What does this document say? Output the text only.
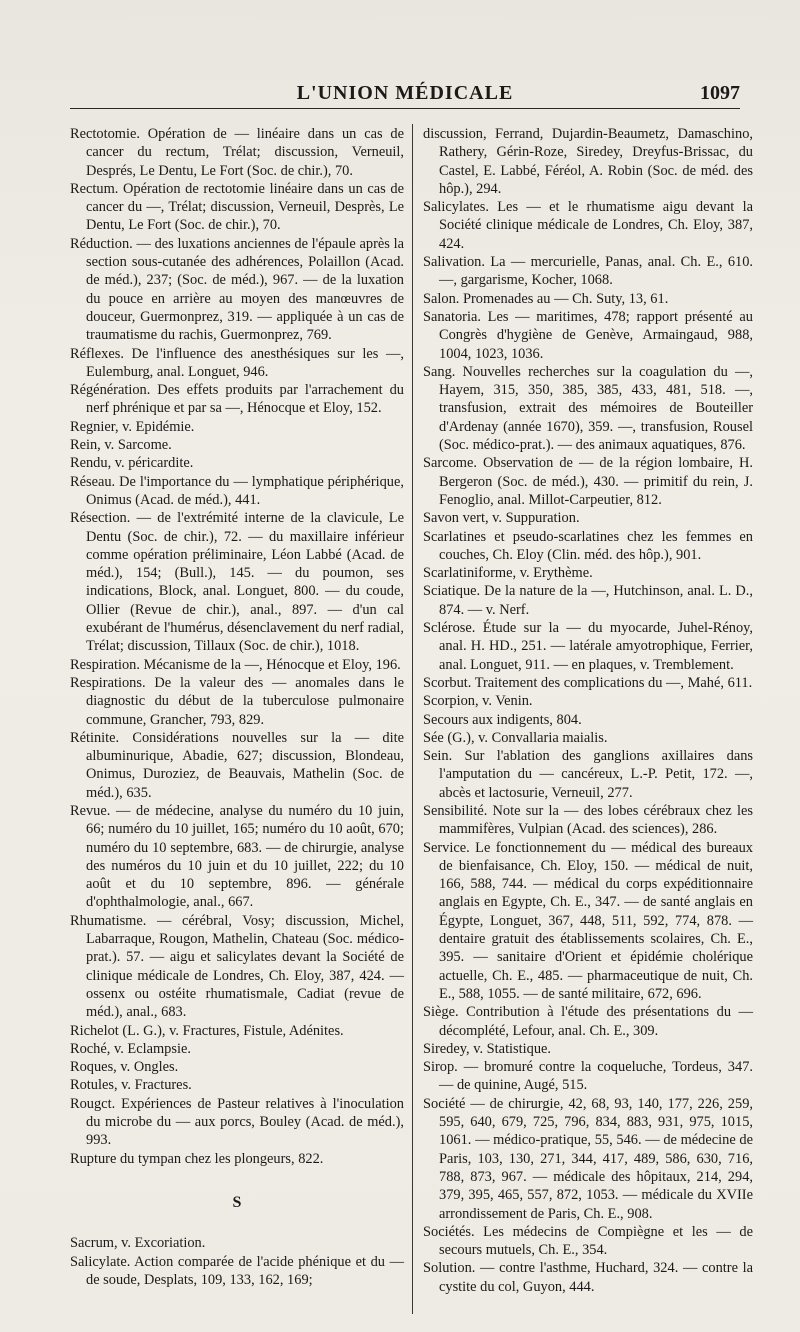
L'UNION MÉDICALE	1097

Rectotomie. Opération de — linéaire dans un cas de cancer du rectum, Trélat; discussion, Verneuil, Després, Le Dentu, Le Fort (Soc. de chir.), 70.

Rectum. Opération de rectotomie linéaire dans un cas de cancer du —, Trélat; discussion, Verneuil, Desprès, Le Dentu, Le Fort (Soc. de chir.), 70.

Réduction. — des luxations anciennes de l'épaule après la section sous-cutanée des adhérences, Polaillon (Acad. de méd.), 237; (Soc. de méd.), 967. — de la luxation du pouce en arrière au moyen des manœuvres de douceur, Guermonprez, 319. — appliquée à un cas de traumatisme du rachis, Guermonprez, 769.

Réflexes. De l'influence des anesthésiques sur les —, Eulemburg, anal. Longuet, 946.

Régénération. Des effets produits par l'arrachement du nerf phrénique et par sa —, Hénocque et Eloy, 152.

Regnier, v. Epidémie.

Rein, v. Sarcome.

Rendu, v. péricardite.

Réseau. De l'importance du — lymphatique périphérique, Onimus (Acad. de méd.), 441.

Résection. — de l'extrémité interne de la clavicule, Le Dentu (Soc. de chir.), 72. — du maxillaire inférieur comme opération préliminaire, Léon Labbé (Acad. de méd.), 154; (Bull.), 145. — du poumon, ses indications, Block, anal. Longuet, 800. — du coude, Ollier (Revue de chir.), anal., 897. — d'un cal exubérant de l'humérus, désenclavement du nerf radial, Trélat; discussion, Tillaux (Soc. de chir.), 1018.

Respiration. Mécanisme de la —, Hénocque et Eloy, 196.

Respirations. De la valeur des — anomales dans le diagnostic du début de la tuberculose pulmonaire commune, Grancher, 793, 829.

Rétinite. Considérations nouvelles sur la — dite albuminurique, Abadie, 627; discussion, Blondeau, Onimus, Duroziez, de Beauvais, Mathelin (Soc. de méd.), 635.

Revue. — de médecine, analyse du numéro du 10 juin, 66; numéro du 10 juillet, 165; numéro du 10 août, 670; numéro du 10 septembre, 683. — de chirurgie, analyse des numéros du 10 juin et du 10 juillet, 222; du 10 août et du 10 septembre, 896. — générale d'ophthalmologie, anal., 667.

Rhumatisme. — cérébral, Vosy; discussion, Michel, Labarraque, Rougon, Mathelin, Chateau (Soc. médico-prat.). 57. — aigu et salicylates devant la Société de clinique médicale de Londres, Ch. Eloy, 387, 424. — ossenx ou ostéite rhumatismale, Cadiat (revue de méd.), anal., 683.

Richelot (L. G.), v. Fractures, Fistule, Adénites.

Roché, v. Eclampsie.

Roques, v. Ongles.

Rotules, v. Fractures.

Rougct. Expériences de Pasteur relatives à l'inoculation du microbe du — aux porcs, Bouley (Acad. de méd.), 993.

Rupture du tympan chez les plongeurs, 822.

S

Sacrum, v. Excoriation.

Salicylate. Action comparée de l'acide phénique et du — de soude, Desplats, 109, 133, 162, 169;

discussion, Ferrand, Dujardin-Beaumetz, Damaschino, Rathery, Gérin-Roze, Siredey, Dreyfus-Brissac, du Castel, E. Labbé, Féréol, A. Robin (Soc. de méd. des hôp.), 294.

Salicylates. Les — et le rhumatisme aigu devant la Société clinique médicale de Londres, Ch. Eloy, 387, 424.

Salivation. La — mercurielle, Panas, anal. Ch. E., 610. —, gargarisme, Kocher, 1068.

Salon. Promenades au — Ch. Suty, 13, 61.

Sanatoria. Les — maritimes, 478; rapport présenté au Congrès d'hygiène de Genève, Armaingaud, 988, 1004, 1023, 1036.

Sang. Nouvelles recherches sur la coagulation du —, Hayem, 315, 350, 385, 385, 433, 481, 518. —, transfusion, extrait des mémoires de Bouteiller d'Ardenay (année 1670), 359. —, transfusion, Rousel (Soc. médico-prat.). — des animaux aquatiques, 876.

Sarcome. Observation de — de la région lombaire, H. Bergeron (Soc. de méd.), 430. — primitif du rein, J. Fenoglio, anal. Millot-Carpeutier, 812.

Savon vert, v. Suppuration.

Scarlatines et pseudo-scarlatines chez les femmes en couches, Ch. Eloy (Clin. méd. des hôp.), 901.

Scarlatiniforme, v. Erythème.

Sciatique. De la nature de la —, Hutchinson, anal. L. D., 874. — v. Nerf.

Sclérose. Étude sur la — du myocarde, Juhel-Rénoy, anal. H. HD., 251. — latérale amyotrophique, Ferrier, anal. Longuet, 911. — en plaques, v. Tremblement.

Scorbut. Traitement des complications du —, Mahé, 611.

Scorpion, v. Venin.

Secours aux indigents, 804.

Sée (G.), v. Convallaria maialis.

Sein. Sur l'ablation des ganglions axillaires dans l'amputation du — cancéreux, L.-P. Petit, 172. —, abcès et lactosurie, Verneuil, 277.

Sensibilité. Note sur la — des lobes cérébraux chez les mammifères, Vulpian (Acad. des sciences), 286.

Service. Le fonctionnement du — médical des bureaux de bienfaisance, Ch. Eloy, 150. — médical de nuit, 166, 588, 744. — médical du corps expéditionnaire anglais en Egypte, Ch. E., 347. — de santé anglais en Égypte, Longuet, 367, 448, 511, 592, 774, 878. — dentaire gratuit des établissements scolaires, Ch. E., 395. — sanitaire d'Orient et épidémie cholérique actuelle, Ch. E., 485. — pharmaceutique de nuit, Ch. E., 588, 1055. — de santé militaire, 672, 696.

Siège. Contribution à l'étude des présentations du — décomplété, Lefour, anal. Ch. E., 309.

Siredey, v. Statistique.

Sirop. — bromuré contre la coqueluche, Tordeus, 347. — de quinine, Augé, 515.

Société — de chirurgie, 42, 68, 93, 140, 177, 226, 259, 595, 640, 679, 725, 796, 834, 883, 931, 975, 1015, 1061. — médico-pratique, 55, 546. — de médecine de Paris, 103, 130, 271, 344, 417, 489, 586, 630, 716, 788, 873, 967. — médicale des hôpitaux, 214, 294, 379, 395, 465, 557, 872, 1053. — médicale du XVIIe arrondissement de Paris, Ch. E., 908.

Sociétés. Les médecins de Compiègne et les — de secours mutuels, Ch. E., 354.

Solution. — contre l'asthme, Huchard, 324. — contre la cystite du col, Guyon, 444.
